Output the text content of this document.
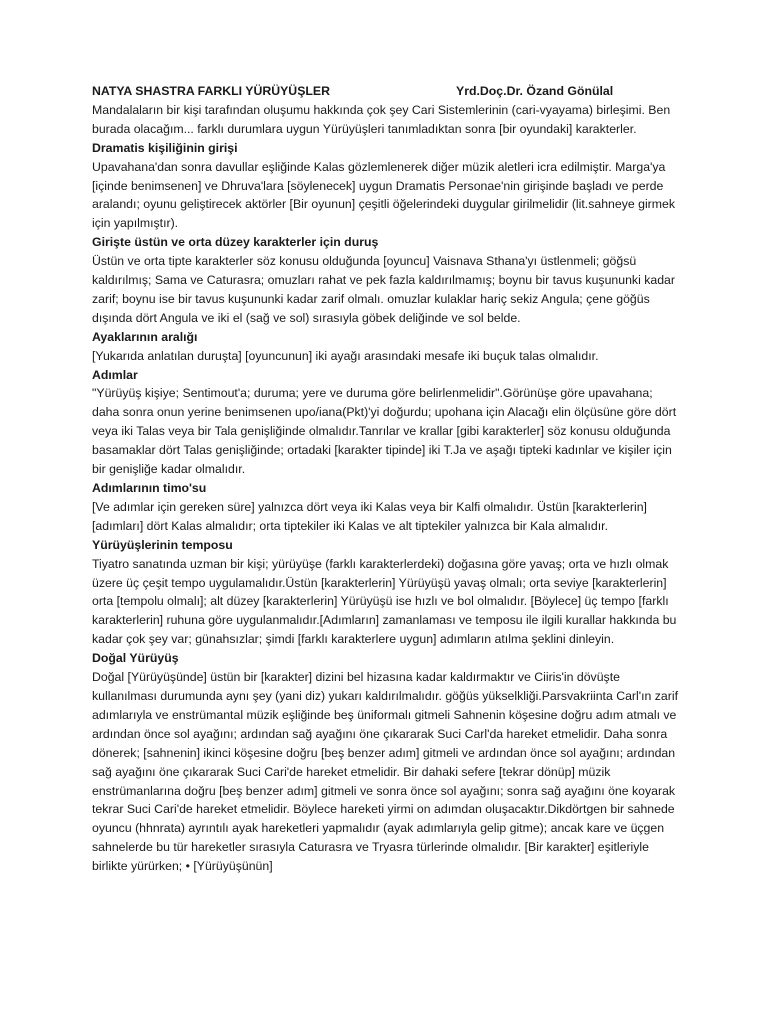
NATYA SHASTRA FARKLI YÜRÜYÜŞLER	Yrd.Doç.Dr. Özand Gönülal

Mandalaların bir kişi tarafından oluşumu hakkında çok şey Cari Sistemlerinin (cari-vyayama) birleşimi. Ben burada olacağım... farklı durumlara uygun Yürüyüşleri tanımladıktan sonra [bir oyundaki] karakterler.

Dramatis kişiliğinin girişi

Upavahana'dan sonra davullar eşliğinde Kalas gözlemlenerek diğer müzik aletleri icra edilmiştir. Marga'ya [içinde benimsenen] ve Dhruva'lara [söylenecek] uygun Dramatis Personae'nin girişinde başladı ve perde aralandı; oyunu geliştirecek aktörler [Bir oyunun] çeşitli öğelerindeki duygular girilmelidir (lit.sahneye girmek için yapılmıştır).

Girişte üstün ve orta düzey karakterler için duruş

Üstün ve orta tipte karakterler söz konusu olduğunda [oyuncu] Vaisnava Sthana'yı üstlenmeli; göğsü kaldırılmış; Sama ve Caturasra; omuzları rahat ve pek fazla kaldırılmamış; boynu bir tavus kuşununki kadar zarif; boynu ise bir tavus kuşununki kadar zarif olmalı. omuzlar kulaklar hariç sekiz Angula; çene göğüs dışında dört Angula ve iki el (sağ ve sol) sırasıyla göbek deliğinde ve sol belde.

Ayaklarının aralığı

[Yukarıda anlatılan duruşta] [oyuncunun] iki ayağı arasındaki mesafe iki buçuk talas olmalıdır.

Adımlar

"Yürüyüş kişiye; Sentimout'a; duruma; yere ve duruma göre belirlenmelidir".Görünüşe göre upavahana; daha sonra onun yerine benimsenen upo/iana(Pkt)'yi doğurdu; upohana için Alacağı elin ölçüsüne göre dört veya iki Talas veya bir Tala genişliğinde olmalıdır.Tanrılar ve krallar [gibi karakterler] söz konusu olduğunda basamaklar dört Talas genişliğinde; ortadaki [karakter tipinde] iki T.Ja ve aşağı tipteki kadınlar ve kişiler için bir genişliğe kadar olmalıdır.

Adımlarının timo'su

[Ve adımlar için gereken süre] yalnızca dört veya iki Kalas veya bir Kalfi olmalıdır. Üstün [karakterlerin] [adımları] dört Kalas almalıdır; orta tiptekiler iki Kalas ve alt tiptekiler yalnızca bir Kala almalıdır.

Yürüyüşlerinin temposu

Tiyatro sanatında uzman bir kişi; yürüyüşe (farklı karakterlerdeki) doğasına göre yavaş; orta ve hızlı olmak üzere üç çeşit tempo uygulamalıdır.Üstün [karakterlerin] Yürüyüşü yavaş olmalı; orta seviye [karakterlerin] orta [tempolu olmalı]; alt düzey [karakterlerin] Yürüyüşü ise hızlı ve bol olmalıdır. [Böylece] üç tempo [farklı karakterlerin] ruhuna göre uygulanmalıdır.[Adımların] zamanlaması ve temposu ile ilgili kurallar hakkında bu kadar çok şey var; günahsızlar; şimdi [farklı karakterlere uygun] adımların atılma şeklini dinleyin.

Doğal Yürüyüş

Doğal [Yürüyüşünde] üstün bir [karakter] dizini bel hizasına kadar kaldırmaktır ve Ciiris'in dövüşte kullanılması durumunda aynı şey (yani diz) yukarı kaldırılmalıdır. göğüs yükselkliği.Parsvakriinta Carl'ın zarif adımlarıyla ve enstrümantal müzik eşliğinde beş üniformalı gitmeli Sahnenin köşesine doğru adım atmalı ve ardından önce sol ayağını; ardından sağ ayağını öne çıkararak Suci Carl'da hareket etmelidir. Daha sonra dönerek; [sahnenin] ikinci köşesine doğru [beş benzer adım] gitmeli ve ardından önce sol ayağını; ardından sağ ayağını öne çıkararak Suci Cari'de hareket etmelidir. Bir dahaki sefere [tekrar dönüp] müzik enstrümanlarına doğru [beş benzer adım] gitmeli ve sonra önce sol ayağını; sonra sağ ayağını öne koyarak tekrar Suci Cari'de hareket etmelidir. Böylece hareketi yirmi on adımdan oluşacaktır.Dikdörtgen bir sahnede oyuncu (hhnrata) ayrıntılı ayak hareketleri yapmalıdır (ayak adımlarıyla gelip gitme); ancak kare ve üçgen sahnelerde bu tür hareketler sırasıyla Caturasra ve Tryasra türlerinde olmalıdır. [Bir karakter] eşitleriyle birlikte yürürken; • [Yürüyüşünün]
